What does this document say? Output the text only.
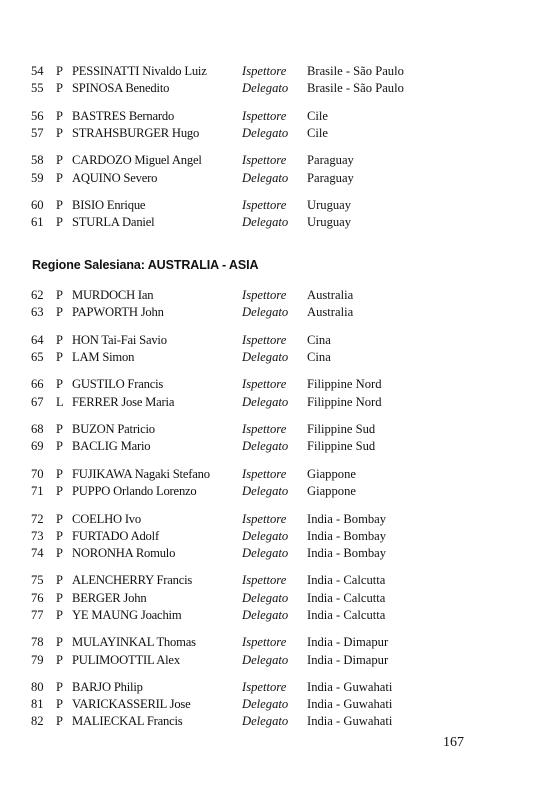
54 P PESSINATTI Nivaldo Luiz	Ispettore Brasile - São Paulo
55 P SPINOSA Benedito	Delegato Brasile - São Paulo
56 P BASTRES Bernardo	Ispettore Cile
57 P STRAHSBURGER Hugo	Delegato Cile
58 P CARDOZO Miguel Angel	Ispettore Paraguay
59 P AQUINO Severo	Delegato Paraguay
60 P BISIO Enrique	Ispettore Uruguay
61 P STURLA Daniel	Delegato Uruguay
Regione Salesiana: AUSTRALIA - ASIA
62 P MURDOCH Ian	Ispettore Australia
63 P PAPWORTH John	Delegato Australia
64 P HON Tai-Fai Savio	Ispettore Cina
65 P LAM Simon	Delegato Cina
66 P GUSTILO Francis	Ispettore Filippine Nord
67 L FERRER Jose Maria	Delegato Filippine Nord
68 P BUZON Patricio	Ispettore Filippine Sud
69 P BACLIG Mario	Delegato Filippine Sud
70 P FUJIKAWA Nagaki Stefano	Ispettore Giappone
71 P PUPPO Orlando Lorenzo	Delegato Giappone
72 P COELHO Ivo	Ispettore India - Bombay
73 P FURTADO Adolf	Delegato India - Bombay
74 P NORONHA Romulo	Delegato India - Bombay
75 P ALENCHERRY Francis	Ispettore India - Calcutta
76 P BERGER John	Delegato India - Calcutta
77 P YE MAUNG Joachim	Delegato India - Calcutta
78 P MULAYINKAL Thomas	Ispettore India - Dimapur
79 P PULIMOOTTIL Alex	Delegato India - Dimapur
80 P BARJO Philip	Ispettore India - Guwahati
81 P VARICKASSERIL Jose	Delegato India - Guwahati
82 P MALIECKAL Francis	Delegato India - Guwahati
167
